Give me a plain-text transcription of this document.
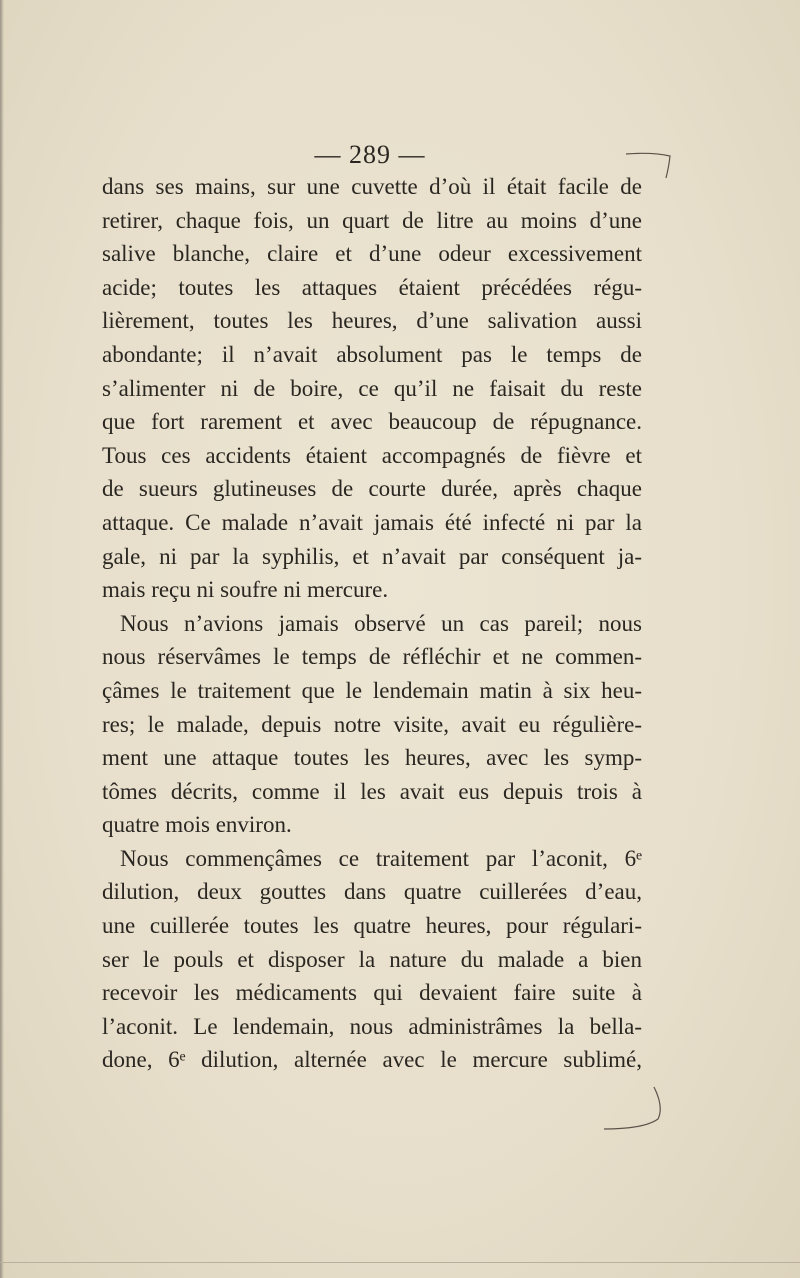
— 289 —
dans ses mains, sur une cuvette d’où il était facile de
retirer, chaque fois, un quart de litre au moins d’une
salive blanche, claire et d’une odeur excessivement
acide; toutes les attaques étaient précédées régu-
lièrement, toutes les heures, d’une salivation aussi
abondante; il n’avait absolument pas le temps de
s’alimenter ni de boire, ce qu’il ne faisait du reste
que fort rarement et avec beaucoup de répugnance.
Tous ces accidents étaient accompagnés de fièvre et
de sueurs glutineuses de courte durée, après chaque
attaque. Ce malade n’avait jamais été infecté ni par la
gale, ni par la syphilis, et n’avait par conséquent ja-
mais reçu ni soufre ni mercure.
Nous n’avions jamais observé un cas pareil; nous
nous réservâmes le temps de réfléchir et ne commen-
çâmes le traitement que le lendemain matin à six heu-
res; le malade, depuis notre visite, avait eu régulière-
ment une attaque toutes les heures, avec les symp-
tômes décrits, comme il les avait eus depuis trois à
quatre mois environ.
Nous commençâmes ce traitement par l’aconit, 6ᵉ
dilution, deux gouttes dans quatre cuillerées d’eau,
une cuillerée toutes les quatre heures, pour régulari-
ser le pouls et disposer la nature du malade a bien
recevoir les médicaments qui devaient faire suite à
l’aconit. Le lendemain, nous administrâmes la bella-
done, 6ᵉ dilution, alternée avec le mercure sublimé,
